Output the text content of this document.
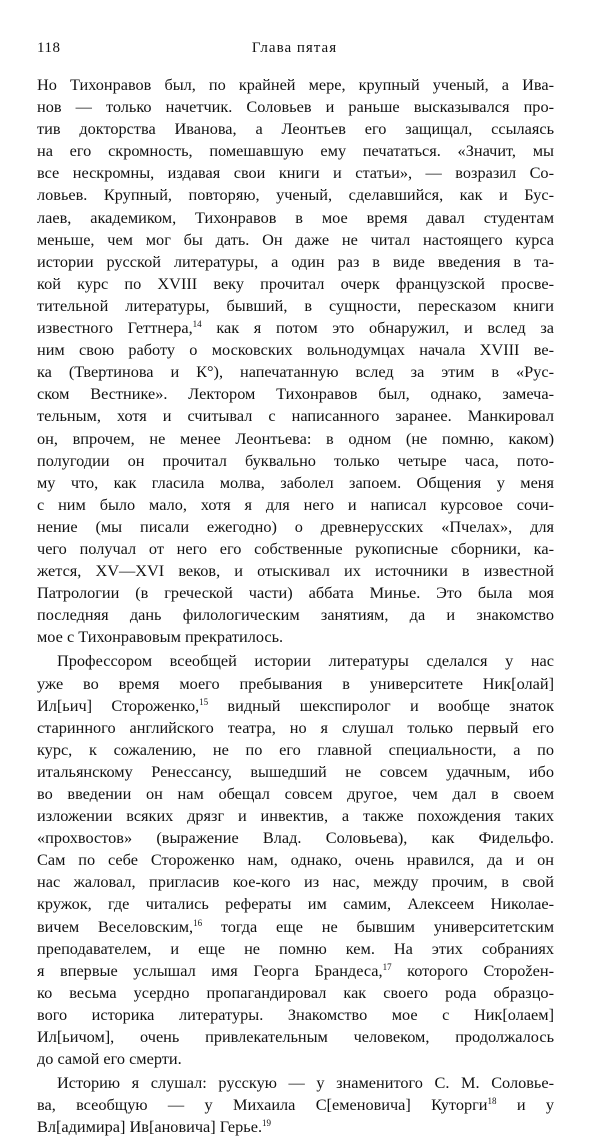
118	Глава пятая
Но Тихонравов был, по крайней мере, крупный ученый, а Ива-
нов — только начетчик. Соловьев и раньше высказывался про-
тив докторства Иванова, а Леонтьев его защищал, ссылаясь
на его скромность, помешавшую ему печататься. «Значит, мы
все нескромны, издавая свои книги и статьи», — возразил Со-
ловьев. Крупный, повторяю, ученый, сделавшийся, как и Бус-
лаев, академиком, Тихонравов в мое время давал студентам
меньше, чем мог бы дать. Он даже не читал настоящего курса
истории русской литературы, а один раз в виде введения в та-
кой курс по XVIII веку прочитал очерк французской просве-
тительной литературы, бывший, в сущности, пересказом книги
известного Геттнера,$^{14}$ как я потом это обнаружил, и вслед за
ним свою работу о московских вольнодумцах начала XVIII ве-
ка (Твертинова и К°), напечатанную вслед за этим в «Рус-
ском Вестнике». Лектором Тихонравов был, однако, замеча-
тельным, хотя и считывал с написанного заранее. Манкировал
он, впрочем, не менее Леонтьева: в одном (не помню, каком)
полугодии он прочитал буквально только четыре часа, пото-
му что, как гласила молва, заболел запоем. Общения у меня
с ним было мало, хотя я для него и написал курсовое сочи-
нение (мы писали ежегодно) о древнерусских «Пчелах», для
чего получал от него его собственные рукописные сборники, ка-
жется, XV—XVI веков, и отыскивал их источники в известной
Патрологии (в греческой части) аббата Минье. Это была моя
последняя дань филологическим занятиям, да и знакомство
мое с Тихонравовым прекратилось.
Профессором всеобщей истории литературы сделался у нас
уже во время моего пребывания в университете Ник[олай]
Ил[ьич] Стороженко,$^{15}$ видный шекспиролог и вообще знаток
старинного английского театра, но я слушал только первый его
курс, к сожалению, не по его главной специальности, а по
итальянскому Ренессансу, вышедший не совсем удачным, ибо
во введении он нам обещал совсем другое, чем дал в своем
изложении всяких дрязг и инвектив, а также похождения таких
«прохвостов» (выражение Влад. Соловьева), как Фидельфо.
Сам по себе Стороженко нам, однако, очень нравился, да и он
нас жаловал, пригласив кое-кого из нас, между прочим, в свой
кружок, где читались рефераты им самим, Алексеем Николае-
вичем Веселовским,$^{16}$ тогда еще не бывшим университетским
преподавателем, и еще не помню кем. На этих собраниях
я впервые услышал имя Георга Брандеса,$^{17}$ которого Стороžен-
ко весьма усердно пропагандировал как своего рода образцо-
вого историка литературы. Знакомство мое с Ник[олаем]
Ил[ьичом], очень привлекательным человеком, продолжалось
до самой его смерти.
Историю я слушал: русскую — у знаменитого С. М. Соловье-
ва, всеобщую — у Михаила С[еменовича] Куторги$^{18}$ и у
Вл[адимира] Ив[ановича] Герье.$^{19}$
